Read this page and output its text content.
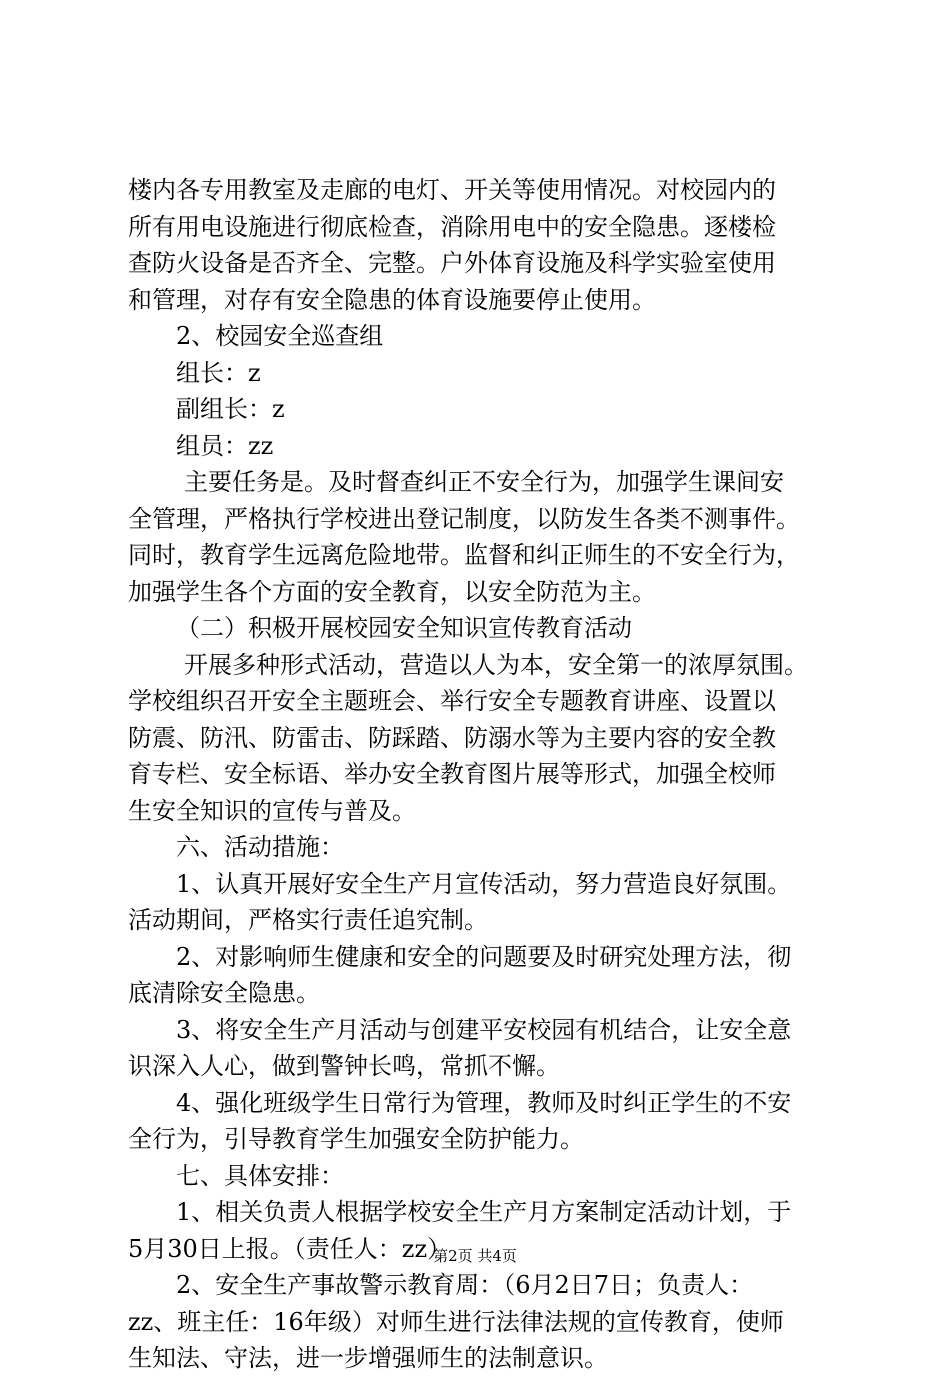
楼内各专用教室及走廊的电灯、开关等使用情况。对校园内的
所有用电设施进行彻底检查，消除用电中的安全隐患。逐楼检
查防火设备是否齐全、完整。户外体育设施及科学实验室使用
和管理，对存有安全隐患的体育设施要停止使用。
2、校园安全巡查组
组长：z
副组长：z
组员：zz
主要任务是。及时督查纠正不安全行为，加强学生课间安
全管理，严格执行学校进出登记制度，以防发生各类不测事件。
同时，教育学生远离危险地带。监督和纠正师生的不安全行为，
加强学生各个方面的安全教育，以安全防范为主。
（二）积极开展校园安全知识宣传教育活动
开展多种形式活动，营造以人为本，安全第一的浓厚氛围。
学校组织召开安全主题班会、举行安全专题教育讲座、设置以
防震、防汛、防雷击、防踩踏、防溺水等为主要内容的安全教
育专栏、安全标语、举办安全教育图片展等形式，加强全校师
生安全知识的宣传与普及。
六、活动措施：
1、认真开展好安全生产月宣传活动，努力营造良好氛围。
活动期间，严格实行责任追究制。
2、对影响师生健康和安全的问题要及时研究处理方法，彻
底清除安全隐患。
3、将安全生产月活动与创建平安校园有机结合，让安全意
识深入人心，做到警钟长鸣，常抓不懈。
4、强化班级学生日常行为管理，教师及时纠正学生的不安
全行为，引导教育学生加强安全防护能力。
七、具体安排：
1、相关负责人根据学校安全生产月方案制定活动计划，于
5月30日上报。（责任人：zz）
2、安全生产事故警示教育周：（6月2日7日；负责人：
zz、班主任：16年级）对师生进行法律法规的宣传教育，使师
生知法、守法，进一步增强师生的法制意识。
第2页 共4页
